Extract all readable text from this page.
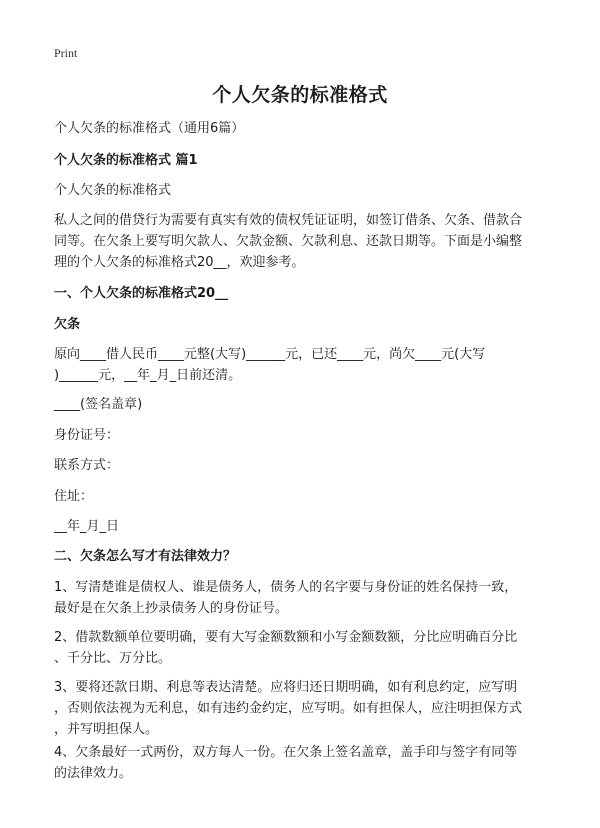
Print
个人欠条的标准格式
个人欠条的标准格式（通用6篇）
个人欠条的标准格式 篇1
个人欠条的标准格式
私人之间的借贷行为需要有真实有效的债权凭证证明，如签订借条、欠条、借款合
同等。在欠条上要写明欠款人、欠款金额、欠款利息、还款日期等。下面是小编整
理的个人欠条的标准格式20__，欢迎参考。
一、个人欠条的标准格式20__
欠条
原向____借人民币____元整(大写)______元，已还____元，尚欠____元(大写
)______元，__年_月_日前还清。
____(签名盖章)
身份证号：
联系方式：
住址：
__年_月_日
二、欠条怎么写才有法律效力？
1、写清楚谁是债权人、谁是债务人，债务人的名字要与身份证的姓名保持一致，
最好是在欠条上抄录债务人的身份证号。
2、借款数额单位要明确，要有大写金额数额和小写金额数额，分比应明确百分比
、千分比、万分比。
3、要将还款日期、利息等表达清楚。应将归还日期明确，如有利息约定，应写明
，否则依法视为无利息，如有违约金约定，应写明。如有担保人，应注明担保方式
，并写明担保人。
4、欠条最好一式两份，双方每人一份。在欠条上签名盖章，盖手印与签字有同等
的法律效力。
